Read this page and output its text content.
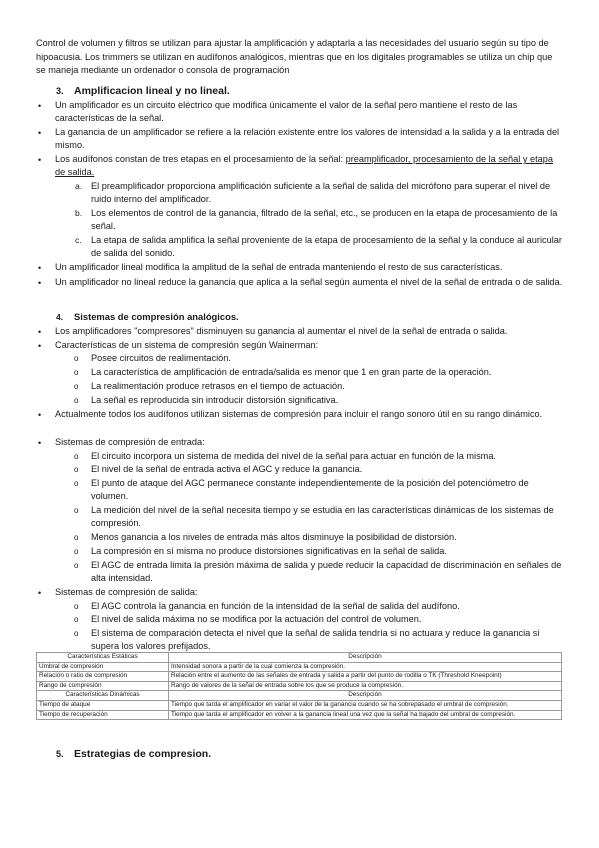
Control de volumen y filtros se utilizan para ajustar la amplificación y adaptarla a las necesidades del usuario según su tipo de hipoacusia. Los trimmers se utilizan en audífonos analógicos, mientras que en los digitales programables se utiliza un chip que se maneja mediante un ordenador o consola de programación

3. Amplificacion lineal y no lineal.
• Un amplificador es un circuito eléctrico que modifica únicamente el valor de la señal pero mantiene el resto de las características de la señal.

• La ganancia de un amplificador se refiere a la relación existente entre los valores de intensidad a la salida y a la entrada del mismo.

• Los audífonos constan de tres etapas en el procesamiento de la señal: preamplificador, procesamiento de la señal y etapa de salida.

a. El preamplificador proporciona amplificación suficiente a la señal de salida del micrófono para superar el nivel de ruido interno del amplificador.

b. Los elementos de control de la ganancia, filtrado de la señal, etc., se producen en la etapa de procesamiento de la señal.

c. La etapa de salida amplifica la señal proveniente de la etapa de procesamiento de la señal y la conduce al auricular de salida del sonido.

• Un amplificador lineal modifica la amplitud de la señal de entrada manteniendo el resto de sus características.

• Un amplificador no lineal reduce la ganancia que aplica a la señal según aumenta el nivel de la señal de entrada o de salida.

4. Sistemas de compresión analógicos.
• Los amplificadores "compresores" disminuyen su ganancia al aumentar el nivel de la señal de entrada o salida.

• Características de un sistema de compresión según Wainerman:

o Posee circuitos de realimentación.

o La característica de amplificación de entrada/salida es menor que 1 en gran parte de la operación.

o La realimentación produce retrasos en el tiempo de actuación.

o La señal es reproducida sin introducir distorsión significativa.

• Actualmente todos los audífonos utilizan sistemas de compresión para incluir el rango sonoro útil en su rango dinámico.

• Sistemas de compresión de entrada:

o El circuito incorpora un sistema de medida del nivel de la señal para actuar en función de la misma.

o El nivel de la señal de entrada activa el AGC y reduce la ganancia.

o El punto de ataque del AGC permanece constante independientemente de la posición del potenciómetro de volumen.

o La medición del nivel de la señal necesita tiempo y se estudia en las características dinámicas de los sistemas de compresión.

o Menos ganancia a los niveles de entrada más altos disminuye la posibilidad de distorsión.

o La compresión en sí misma no produce distorsiones significativas en la señal de salida.

o El AGC de entrada limita la presión máxima de salida y puede reducir la capacidad de discriminación en señales de alta intensidad.

• Sistemas de compresión de salida:

o El AGC controla la ganancia en función de la intensidad de la señal de salida del audífono.

o El nivel de salida máxima no se modifica por la actuación del control de volumen.

o El sistema de comparación detecta el nivel que la señal de salida tendría si no actuara y reduce la ganancia si supera los valores prefijados.

Características Estáticas	Descripción
Umbral de compresión	Intensidad sonora a partir de la cual comienza la compresión.
Relación o ratio de compresión	Relación entre el aumento de las señales de entrada y salida a partir del punto de rodilla o TK (Threshold Kneepoint)
Rango de compresión	Rango de valores de la señal de entrada sobre los que se produce la compresión.
Características Dinámicas	Descripción
Tiempo de ataque	Tiempo que tarda el amplificador en variar el valor de la ganancia cuando se ha sobrepasado el umbral de compresión.
Tiempo de recuperación	Tiempo que tarda el amplificador en volver a la ganancia lineal una vez que la señal ha bajado del umbral de compresión.
5. Estrategias de compresion.
